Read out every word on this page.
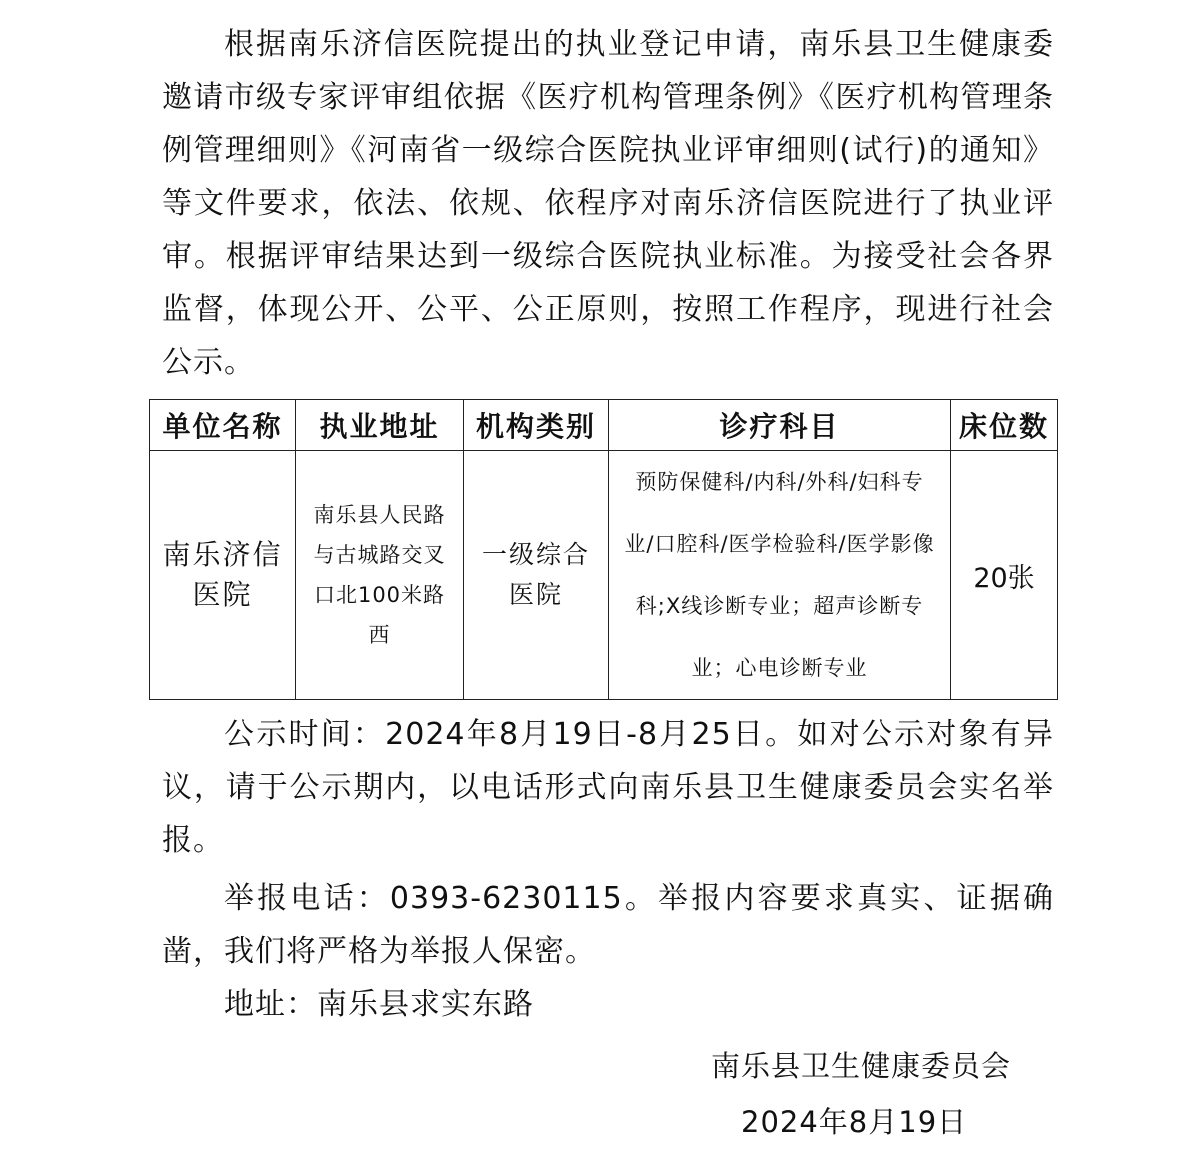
根据南乐济信医院提出的执业登记申请，南乐县卫生健康委邀请市级专家评审组依据《医疗机构管理条例》《医疗机构管理条例管理细则》《河南省一级综合医院执业评审细则(试行)的通知》等文件要求，依法、依规、依程序对南乐济信医院进行了执业评审。根据评审结果达到一级综合医院执业标准。为接受社会各界监督，体现公开、公平、公正原则，按照工作程序，现进行社会公示。

单位名称	执业地址	机构类别	诊疗科目	床位数
南乐济信医院	南乐县人民路与古城路交叉口北100米路西	一级综合医院	预防保健科/内科/外科/妇科专业/口腔科/医学检验科/医学影像科;X线诊断专业；超声诊断专业；心电诊断专业	20张

公示时间：2024年8月19日-8月25日。如对公示对象有异议，请于公示期内，以电话形式向南乐县卫生健康委员会实名举报。

举报电话：0393-6230115。举报内容要求真实、证据确凿，我们将严格为举报人保密。

地址：南乐县求实东路

南乐县卫生健康委员会
2024年8月19日
